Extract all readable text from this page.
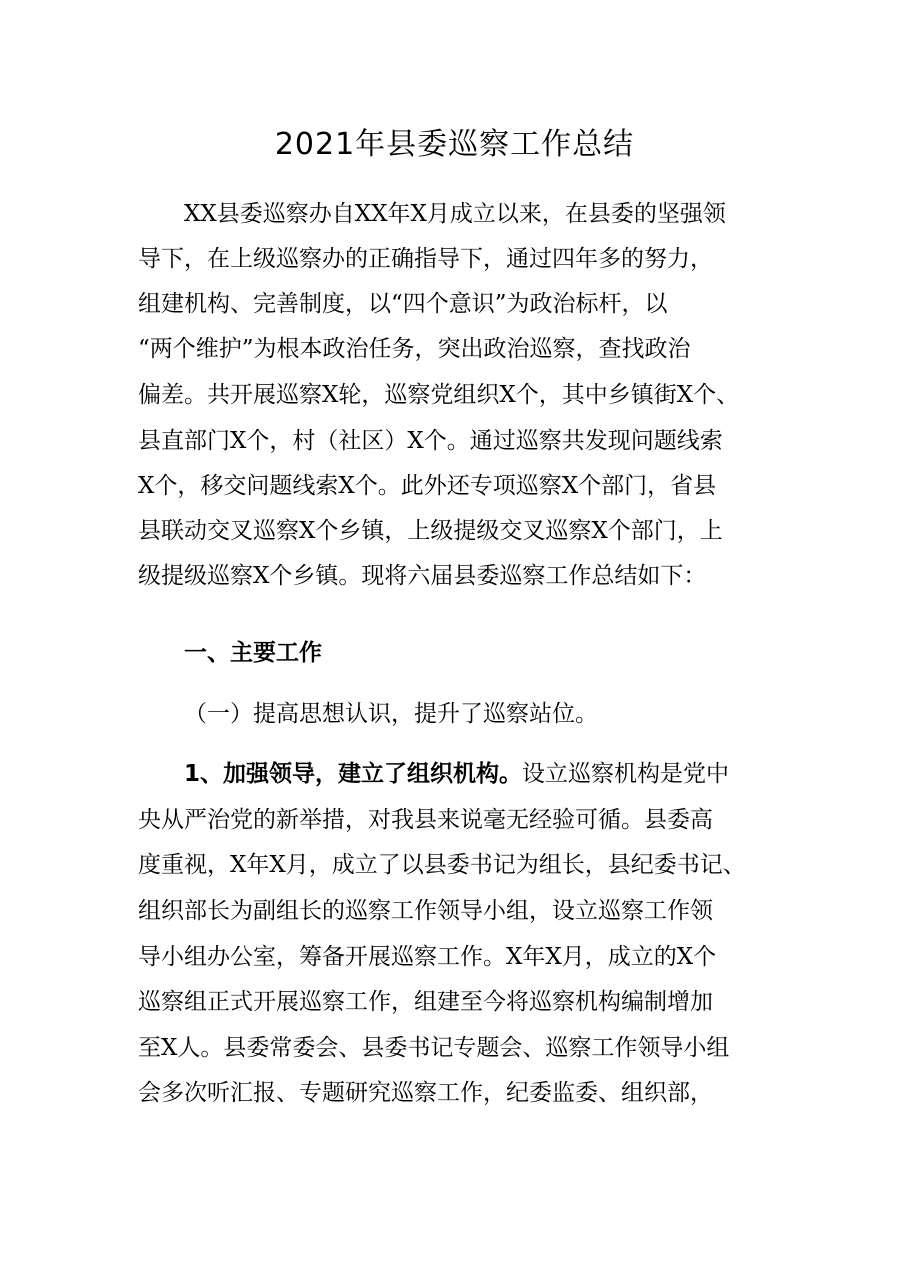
2021年县委巡察工作总结

XX县委巡察办自XX年X月成立以来，在县委的坚强领

导下，在上级巡察办的正确指导下，通过四年多的努力，

组建机构、完善制度，以“四个意识”为政治标杆，以

“两个维护”为根本政治任务，突出政治巡察，查找政治

偏差。共开展巡察X轮，巡察党组织X个，其中乡镇街X个、

县直部门X个，村（社区）X个。通过巡察共发现问题线索

X个，移交问题线索X个。此外还专项巡察X个部门，省县

县联动交叉巡察X个乡镇，上级提级交叉巡察X个部门，上

级提级巡察X个乡镇。现将六届县委巡察工作总结如下：

一、主要工作

（一）提高思想认识，提升了巡察站位。

1、加强领导，建立了组织机构。设立巡察机构是党中

央从严治党的新举措，对我县来说毫无经验可循。县委高

度重视，X年X月，成立了以县委书记为组长，县纪委书记、

组织部长为副组长的巡察工作领导小组，设立巡察工作领

导小组办公室，筹备开展巡察工作。X年X月，成立的X个

巡察组正式开展巡察工作，组建至今将巡察机构编制增加

至X人。县委常委会、县委书记专题会、巡察工作领导小组

会多次听汇报、专题研究巡察工作，纪委监委、组织部，
